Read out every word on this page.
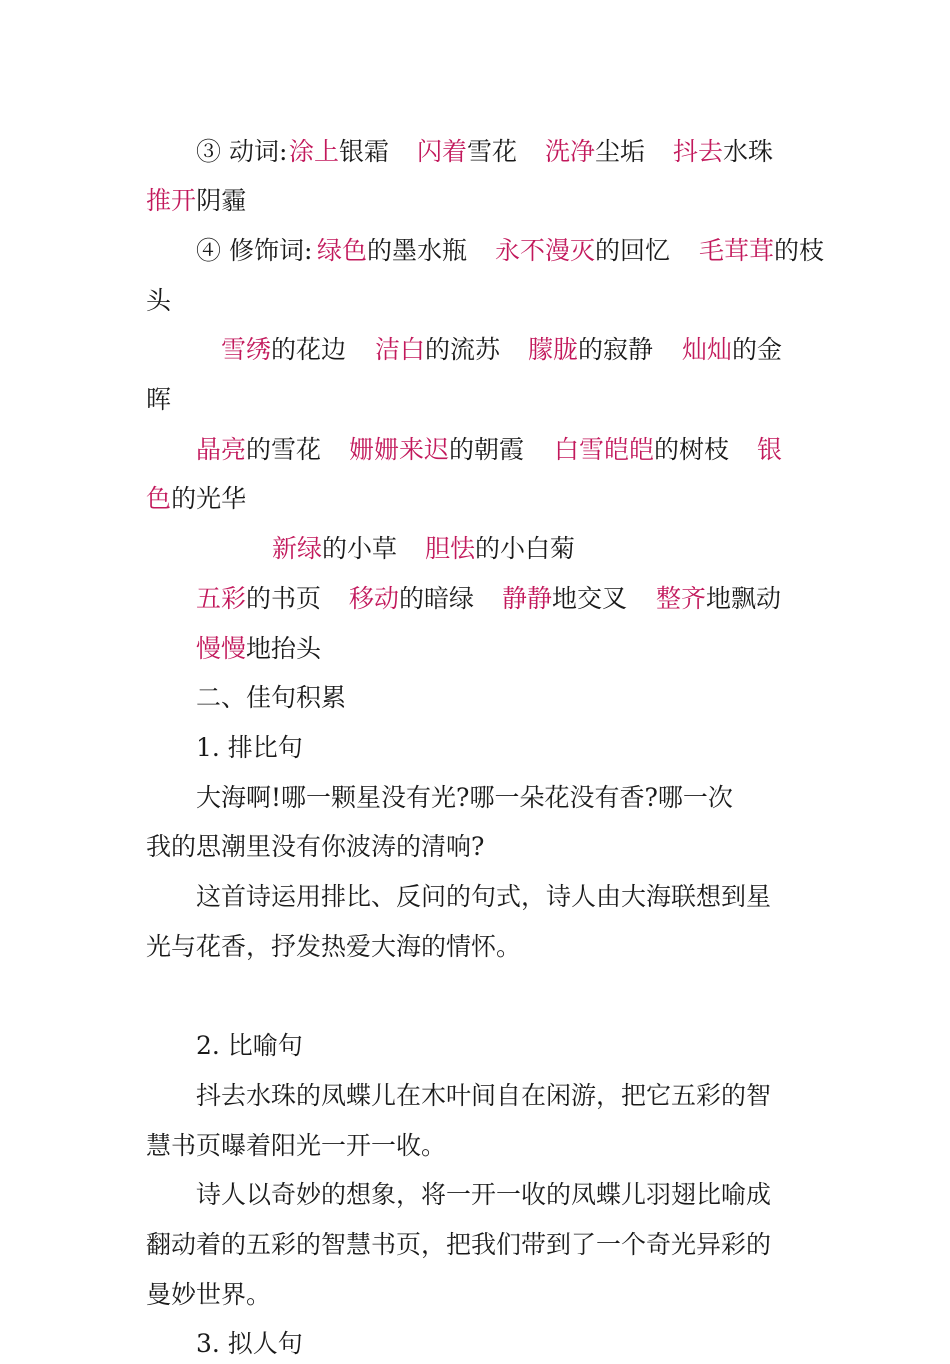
③ 动词: 涂上 银霜 闪着 雪花 洗净 尘垢 抖去 水珠
推开 阴霾
④ 修饰词: 绿色 的墨水瓶 永不漫灭 的回忆 毛茸茸 的枝
雪绣 的花边 洁白 的流苏 朦胧 的寂静 灿灿 的金
晶亮 的雪花 姗姗来迟 的朝霞 白雪皑皑 的树枝 银
新绿 的小草 胆怯 的小白菊
五彩 的书页 移动 的暗绿 静静 地交叉 整齐 地飘动
慢慢 地抬头
二、佳句积累
1. 排比句
2. 比喻句
3. 拟人句
头
晖
色 的光华
大海啊!哪一颗星没有光?哪一朵花没有香?哪一次
我的思潮里没有你波涛的清响?
这首诗运用排比、反问的句式，诗人由大海联想到星
光与花香，抒发热爱大海的情怀。
抖去水珠的凤蝶儿在木叶间自在闲游，把它五彩的智
慧书页曝着阳光一开一收。
诗人以奇妙的想象，将一开一收的凤蝶儿羽翅比喻成
翻动着的五彩的智慧书页，把我们带到了一个奇光异彩的
曼妙世界。
